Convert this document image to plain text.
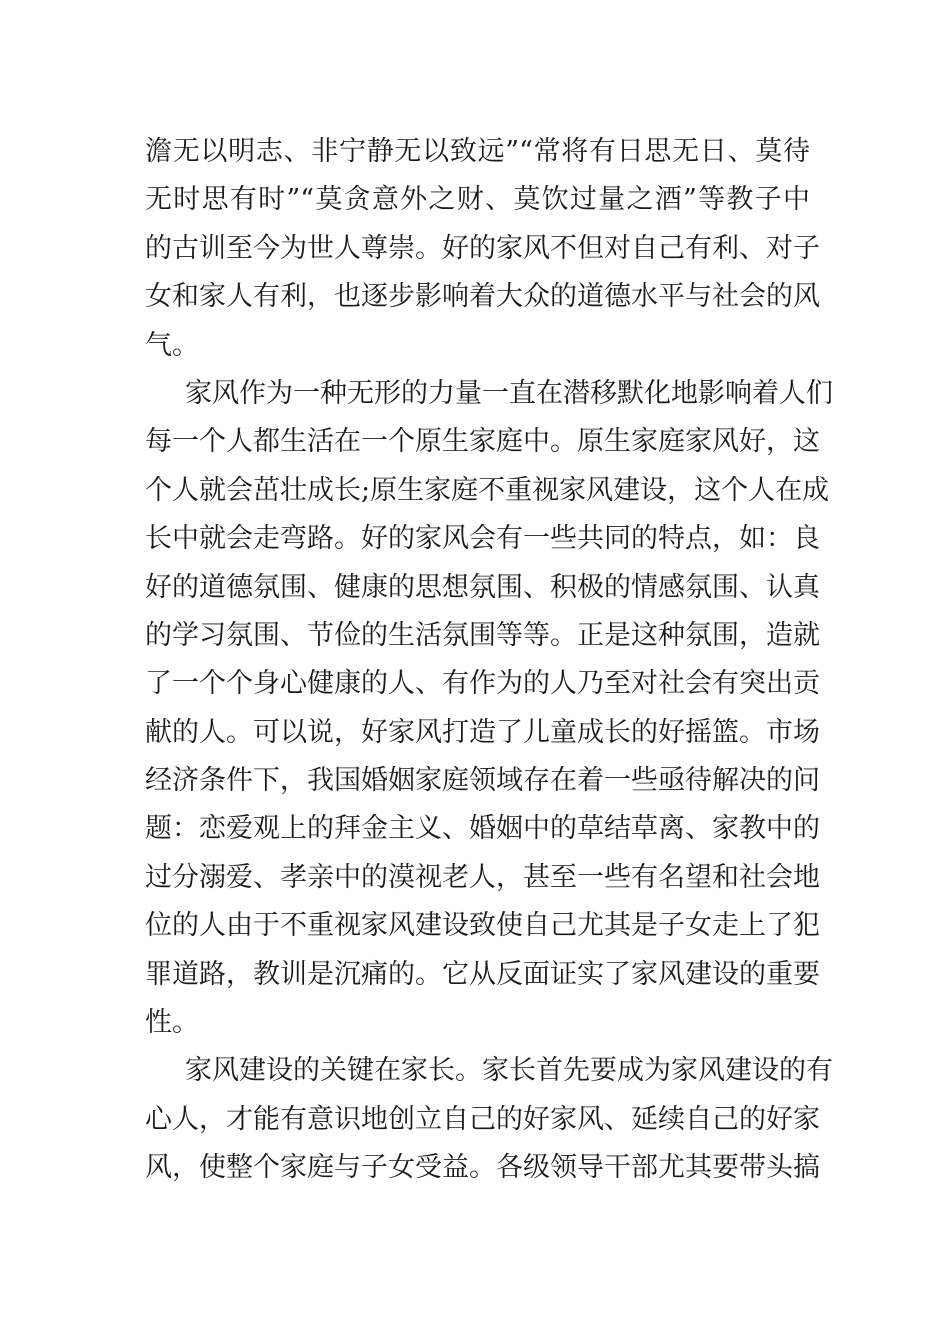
澹无以明志、非宁静无以致远”“常将有日思无日、莫待
无时思有时”“莫贪意外之财、莫饮过量之酒”等教子中
的古训至今为世人尊崇。好的家风不但对自己有利、对子
女和家人有利，也逐步影响着大众的道德水平与社会的风
气。
家风作为一种无形的力量一直在潜移默化地影响着人们
每一个人都生活在一个原生家庭中。原生家庭家风好，这
个人就会茁壮成长;原生家庭不重视家风建设，这个人在成
长中就会走弯路。好的家风会有一些共同的特点，如：良
好的道德氛围、健康的思想氛围、积极的情感氛围、认真
的学习氛围、节俭的生活氛围等等。正是这种氛围，造就
了一个个身心健康的人、有作为的人乃至对社会有突出贡
献的人。可以说，好家风打造了儿童成长的好摇篮。市场
经济条件下，我国婚姻家庭领域存在着一些亟待解决的问
题：恋爱观上的拜金主义、婚姻中的草结草离、家教中的
过分溺爱、孝亲中的漠视老人，甚至一些有名望和社会地
位的人由于不重视家风建设致使自己尤其是子女走上了犯
罪道路，教训是沉痛的。它从反面证实了家风建设的重要
性。
家风建设的关键在家长。家长首先要成为家风建设的有
心人，才能有意识地创立自己的好家风、延续自己的好家
风，使整个家庭与子女受益。各级领导干部尤其要带头搞
